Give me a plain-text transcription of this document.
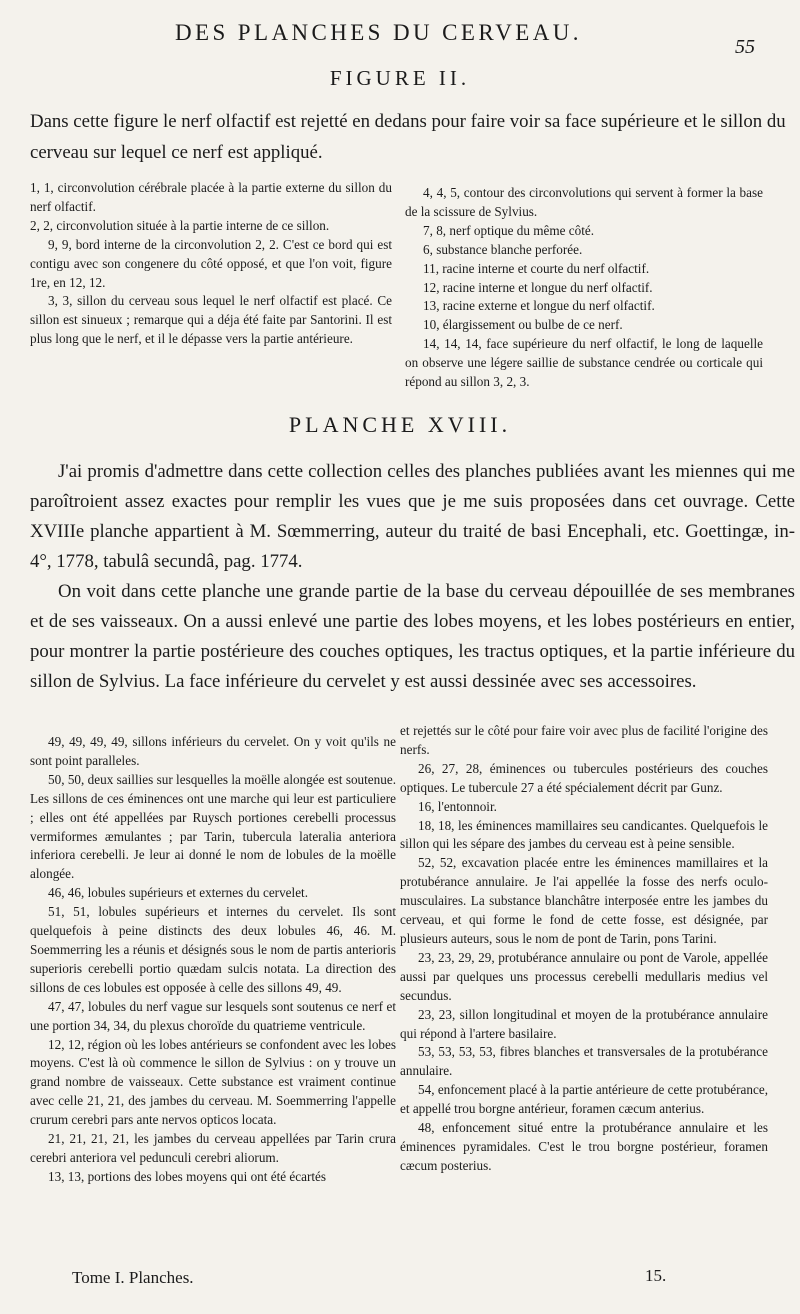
DES PLANCHES DU CERVEAU.
55
FIGURE II.

Dans cette figure le nerf olfactif est rejetté en dedans pour faire voir sa face supérieure et le sillon du cerveau sur lequel ce nerf est appliqué.

1, 1, circonvolution cérébrale placée à la partie externe du sillon du nerf olfactif.

2, 2, circonvolution située à la partie interne de ce sillon.

9, 9, bord interne de la circonvolution 2, 2. C'est ce bord qui est contigu avec son congenere du côté opposé, et que l'on voit, figure 1re, en 12, 12.

3, 3, sillon du cerveau sous lequel le nerf olfactif est placé. Ce sillon est sinueux ; remarque qui a déja été faite par Santorini. Il est plus long que le nerf, et il le dépasse vers la partie antérieure.

4, 4, 5, contour des circonvolutions qui servent à former la base de la scissure de Sylvius.

7, 8, nerf optique du même côté.

6, substance blanche perforée.

11, racine interne et courte du nerf olfactif.

12, racine interne et longue du nerf olfactif.

13, racine externe et longue du nerf olfactif.

10, élargissement ou bulbe de ce nerf.

14, 14, 14, face supérieure du nerf olfactif, le long de laquelle on observe une légere saillie de substance cendrée ou corticale qui répond au sillon 3, 2, 3.

PLANCHE XVIII.

J'ai promis d'admettre dans cette collection celles des planches publiées avant les miennes qui me paroîtroient assez exactes pour remplir les vues que je me suis proposées dans cet ouvrage. Cette XVIIIe planche appartient à M. Sœmmerring, auteur du traité de basi Encephali, etc. Goettingæ, in-4°, 1778, tabulâ secundâ, pag. 1774.

On voit dans cette planche une grande partie de la base du cerveau dépouillée de ses membranes et de ses vaisseaux. On a aussi enlevé une partie des lobes moyens, et les lobes postérieurs en entier, pour montrer la partie postérieure des couches optiques, les tractus optiques, et la partie inférieure du sillon de Sylvius. La face inférieure du cervelet y est aussi dessinée avec ses accessoires.

49, 49, 49, 49, sillons inférieurs du cervelet. On y voit qu'ils ne sont point paralleles.

50, 50, deux saillies sur lesquelles la moëlle alongée est soutenue. Les sillons de ces éminences ont une marche qui leur est particuliere ; elles ont été appellées par Ruysch portiones cerebelli processus vermiformes æmulantes ; par Tarin, tubercula lateralia anteriora inferiora cerebelli. Je leur ai donné le nom de lobules de la moëlle alongée.

46, 46, lobules supérieurs et externes du cervelet.

51, 51, lobules supérieurs et internes du cervelet. Ils sont quelquefois à peine distincts des deux lobules 46, 46. M. Soemmerring les a réunis et désignés sous le nom de partis anterioris superioris cerebelli portio quædam sulcis notata. La direction des sillons de ces lobules est opposée à celle des sillons 49, 49.

47, 47, lobules du nerf vague sur lesquels sont soutenus ce nerf et une portion 34, 34, du plexus choroïde du quatrieme ventricule.

12, 12, région où les lobes antérieurs se confondent avec les lobes moyens. C'est là où commence le sillon de Sylvius : on y trouve un grand nombre de vaisseaux. Cette substance est vraiment continue avec celle 21, 21, des jambes du cerveau. M. Soemmerring l'appelle crurum cerebri pars ante nervos opticos locata.

21, 21, 21, 21, les jambes du cerveau appellées par Tarin crura cerebri anteriora vel pedunculi cerebri aliorum.

13, 13, portions des lobes moyens qui ont été écartés

et rejettés sur le côté pour faire voir avec plus de facilité l'origine des nerfs.

26, 27, 28, éminences ou tubercules postérieurs des couches optiques. Le tubercule 27 a été spécialement décrit par Gunz.

16, l'entonnoir.

18, 18, les éminences mamillaires seu candicantes. Quelquefois le sillon qui les sépare des jambes du cerveau est à peine sensible.

52, 52, excavation placée entre les éminences mamillaires et la protubérance annulaire. Je l'ai appellée la fosse des nerfs oculo-musculaires. La substance blanchâtre interposée entre les jambes du cerveau, et qui forme le fond de cette fosse, est désignée, par plusieurs auteurs, sous le nom de pont de Tarin, pons Tarini.

23, 23, 29, 29, protubérance annulaire ou pont de Varole, appellée aussi par quelques uns processus cerebelli medullaris medius vel secundus.

23, 23, sillon longitudinal et moyen de la protubérance annulaire qui répond à l'artere basilaire.

53, 53, 53, 53, fibres blanches et transversales de la protubérance annulaire.

54, enfoncement placé à la partie antérieure de cette protubérance, et appellé trou borgne antérieur, foramen cæcum anterius.

48, enfoncement situé entre la protubérance annulaire et les éminences pyramidales. C'est le trou borgne postérieur, foramen cæcum posterius.

Tome I. Planches.	15.
